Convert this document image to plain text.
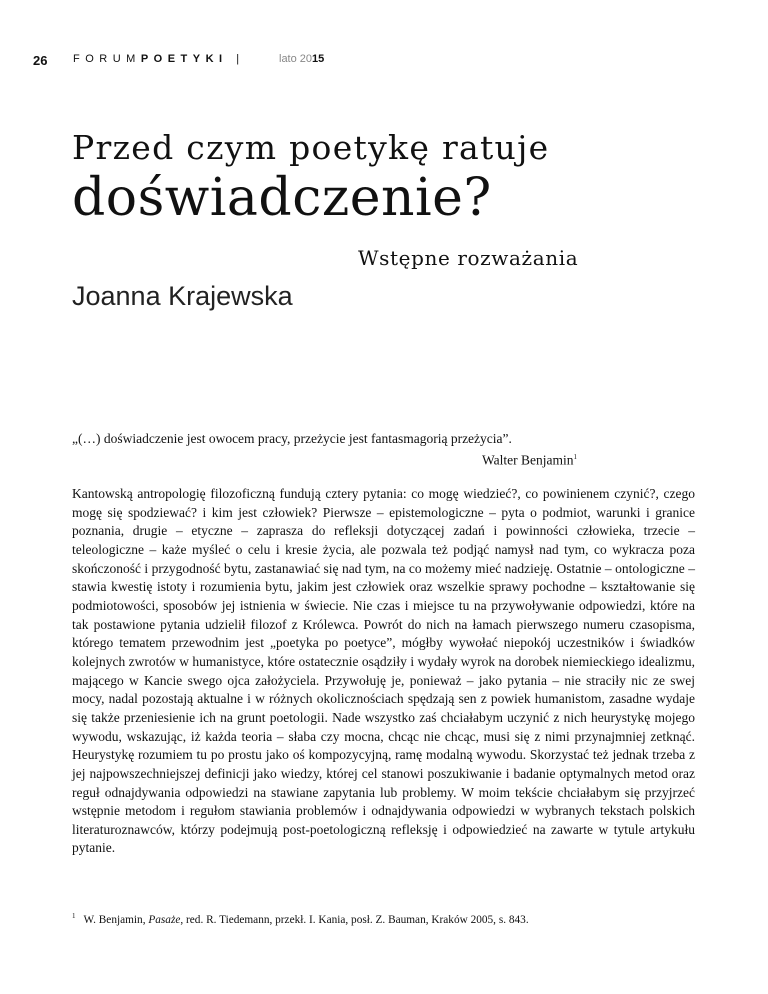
26 FORUMPOETYKI |	lato 2015
Przed czym poetykę ratuje
doświadczenie?
Wstępne rozważania
Joanna Krajewska
„(…) doświadczenie jest owocem pracy, przeżycie jest fantasmagorią przeżycia”.
Walter Benjamin$^1$

Kantowską antropologię filozoficzną fundują cztery pytania: co mogę wiedzieć?, co powinienem czynić?, czego mogę się spodziewać? i kim jest człowiek? Pierwsze – epistemologiczne – pyta o podmiot, warunki i granice poznania, drugie – etyczne – zaprasza do refleksji dotyczącej zadań i powinności człowieka, trzecie – teleologiczne – każe myśleć o celu i kresie życia, ale pozwala też podjąć namysł nad tym, co wykracza poza skończoność i przygodność bytu, zastanawiać się nad tym, na co możemy mieć nadzieję. Ostatnie – ontologiczne – stawia kwestię istoty i rozumienia bytu, jakim jest człowiek oraz wszelkie sprawy pochodne – kształtowanie się podmiotowości, sposobów jej istnienia w świecie. Nie czas i miejsce tu na przywoływanie odpowiedzi, które na tak postawione pytania udzielił filozof z Królewca. Powrót do nich na łamach pierwszego numeru czasopisma, którego tematem przewodnim jest „poetyka po poetyce”, mógłby wywołać niepokój uczestników i świadków kolejnych zwrotów w humanistyce, które ostatecznie osądziły i wydały wyrok na dorobek niemieckiego idealizmu, mającego w Kancie swego ojca założyciela. Przywołuję je, ponieważ – jako pytania – nie straciły nic ze swej mocy, nadal pozostają aktualne i w różnych okolicznościach spędzają sen z powiek humanistom, zasadne wydaje się także przeniesienie ich na grunt poetologii. Nade wszystko zaś chciałabym uczynić z nich heurystykę mojego wywodu, wskazując, iż każda teoria – słaba czy mocna, chcąc nie chcąc, musi się z nimi przynajmniej zetknąć. Heurystykę rozumiem tu po prostu jako oś kompozycyjną, ramę modalną wywodu. Skorzystać też jednak trzeba z jej najpowszechniejszej definicji jako wiedzy, której cel stanowi poszukiwanie i badanie optymalnych metod oraz reguł odnajdywania odpowiedzi na stawiane zapytania lub problemy. W moim tekście chciałabym się przyjrzeć wstępnie metodom i regułom stawiania problemów i odnajdywania odpowiedzi w wybranych tekstach polskich literaturoznawców, którzy podejmują post-poetologiczną refleksję i odpowiedzieć na zawarte w tytule artykułu pytanie.

$^1$ W. Benjamin, Pasaże, red. R. Tiedemann, przekł. I. Kania, posł. Z. Bauman, Kraków 2005, s. 843.
